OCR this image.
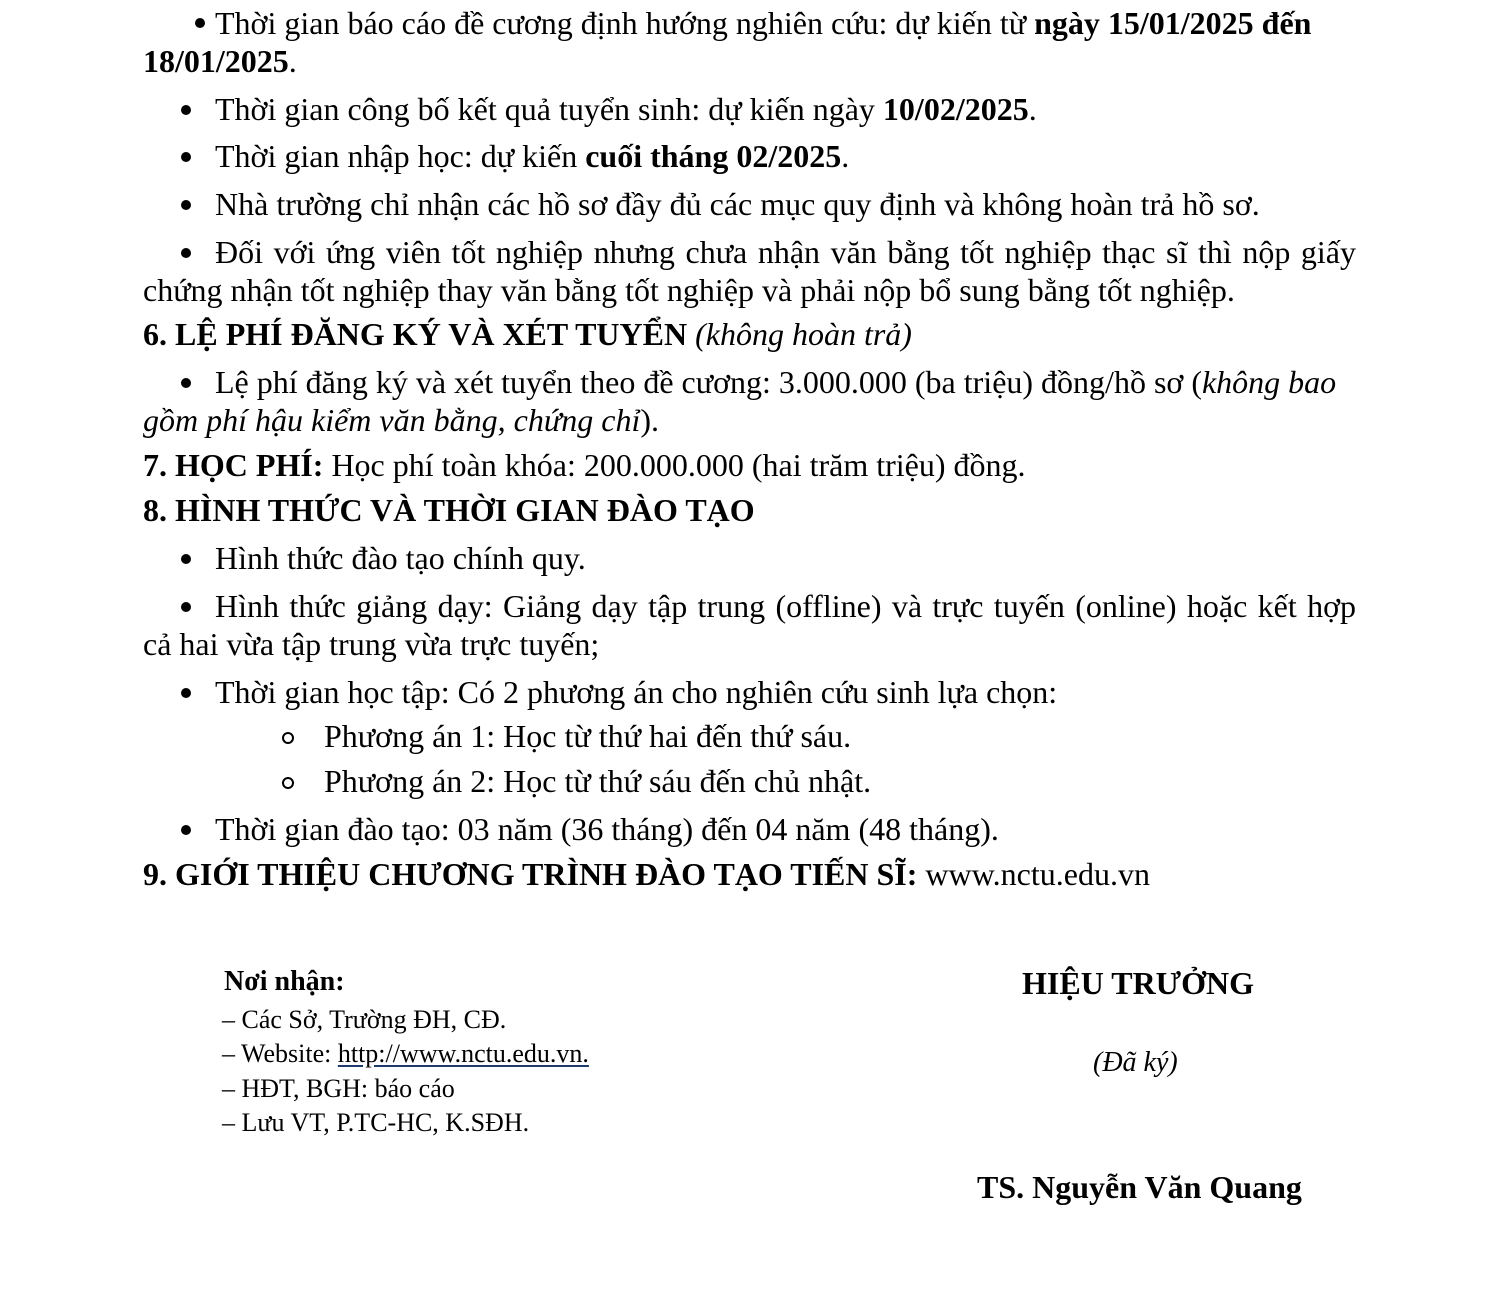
Thời gian báo cáo đề cương định hướng nghiên cứu: dự kiến từ ngày 15/01/2025 đến
18/01/2025.
Thời gian công bố kết quả tuyển sinh: dự kiến ngày 10/02/2025.
Thời gian nhập học: dự kiến cuối tháng 02/2025.
Nhà trường chỉ nhận các hồ sơ đầy đủ các mục quy định và không hoàn trả hồ sơ.
Đối với ứng viên tốt nghiệp nhưng chưa nhận văn bằng tốt nghiệp thạc sĩ thì nộp giấy
chứng nhận tốt nghiệp thay văn bằng tốt nghiệp và phải nộp bổ sung bằng tốt nghiệp.
6. LỆ PHÍ ĐĂNG KÝ VÀ XÉT TUYỂN (không hoàn trả)
Lệ phí đăng ký và xét tuyển theo đề cương: 3.000.000 (ba triệu) đồng/hồ sơ (không bao
gồm phí hậu kiểm văn bằng, chứng chỉ).
7. HỌC PHÍ: Học phí toàn khóa: 200.000.000 (hai trăm triệu) đồng.
8. HÌNH THỨC VÀ THỜI GIAN ĐÀO TẠO
Hình thức đào tạo chính quy.
Hình thức giảng dạy: Giảng dạy tập trung (offline) và trực tuyến (online) hoặc kết hợp
cả hai vừa tập trung vừa trực tuyến;
Thời gian học tập: Có 2 phương án cho nghiên cứu sinh lựa chọn:
Phương án 1: Học từ thứ hai đến thứ sáu.
Phương án 2: Học từ thứ sáu đến chủ nhật.
Thời gian đào tạo: 03 năm (36 tháng) đến 04 năm (48 tháng).
9. GIỚI THIỆU CHƯƠNG TRÌNH ĐÀO TẠO TIẾN SĨ: www.nctu.edu.vn
Nơi nhận:
– Các Sở, Trường ĐH, CĐ.
– Website: http://www.nctu.edu.vn.
– HĐT, BGH: báo cáo
– Lưu VT, P.TC-HC, K.SĐH.
HIỆU TRƯỞNG
(Đã ký)
TS. Nguyễn Văn Quang
